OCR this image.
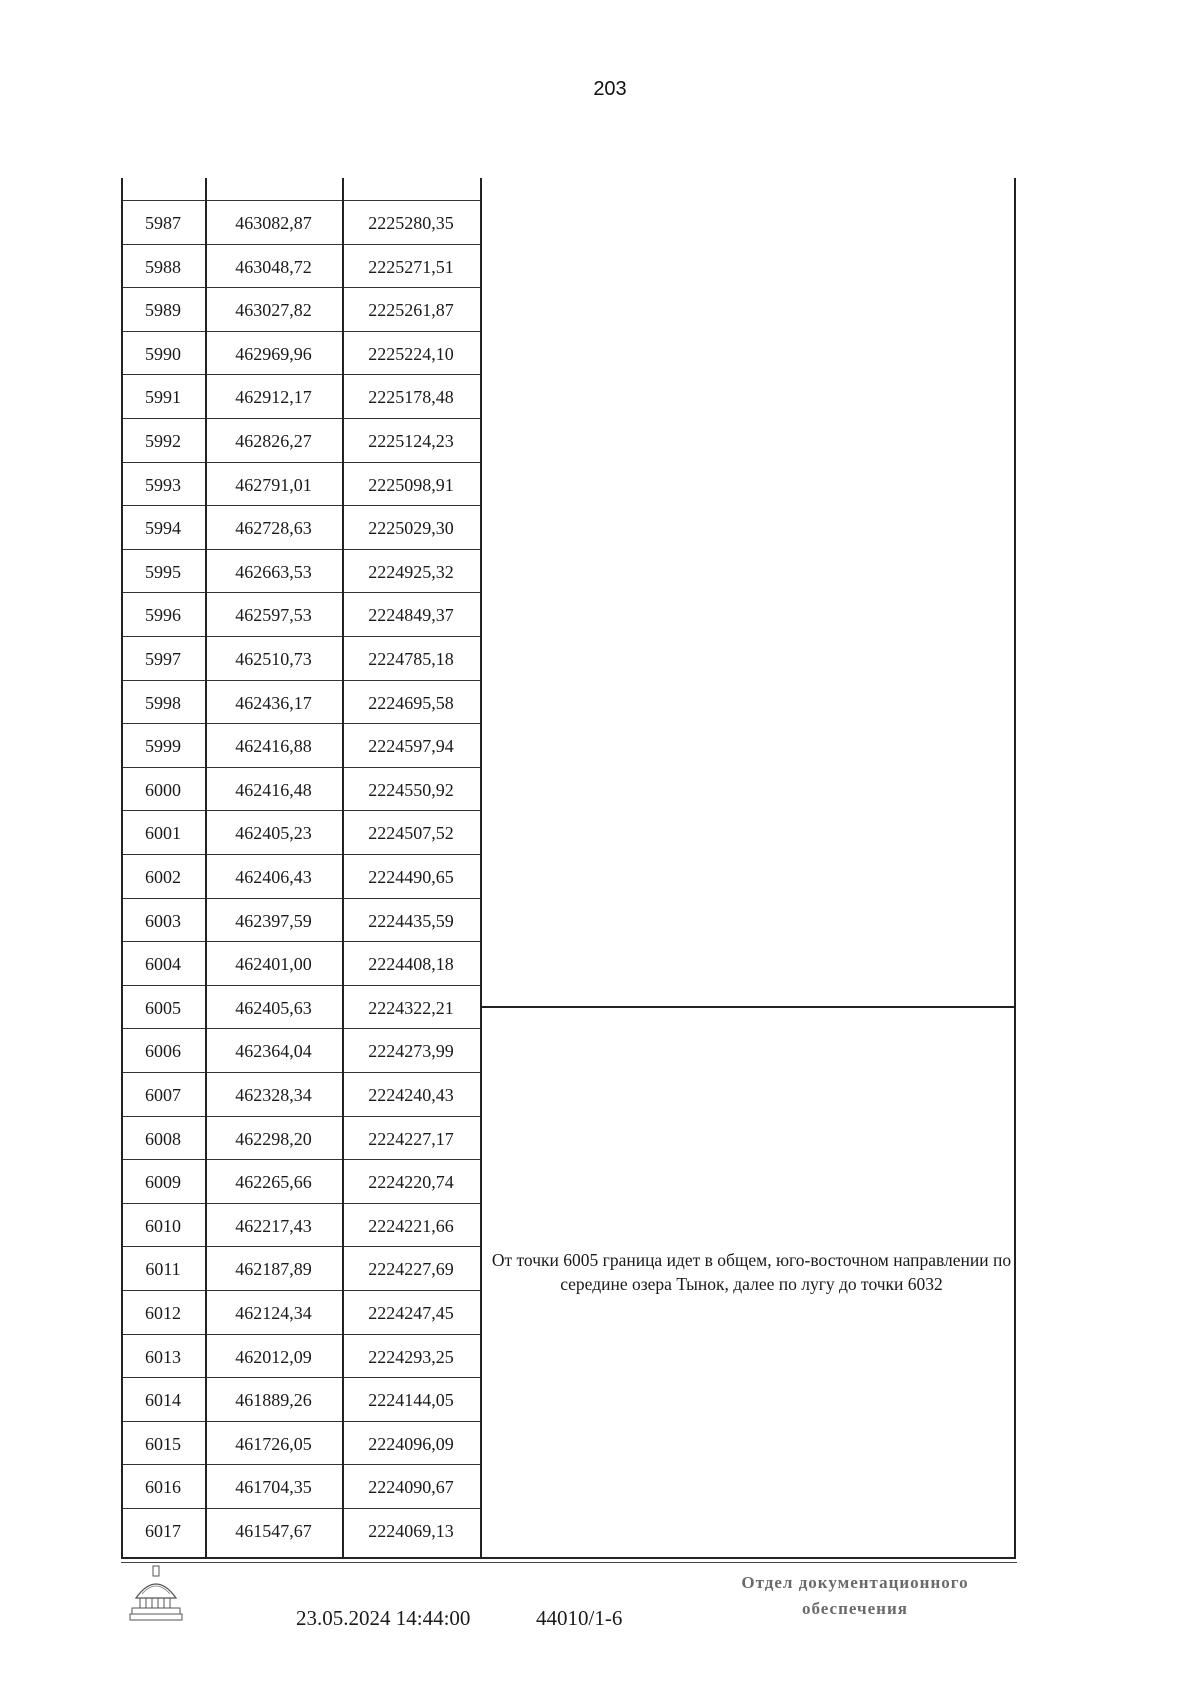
203
5987	463082,87	2225280,35
5988	463048,72	2225271,51
5989	463027,82	2225261,87
5990	462969,96	2225224,10
5991	462912,17	2225178,48
5992	462826,27	2225124,23
5993	462791,01	2225098,91
5994	462728,63	2225029,30
5995	462663,53	2224925,32
5996	462597,53	2224849,37
5997	462510,73	2224785,18
5998	462436,17	2224695,58
5999	462416,88	2224597,94
6000	462416,48	2224550,92
6001	462405,23	2224507,52
6002	462406,43	2224490,65
6003	462397,59	2224435,59
6004	462401,00	2224408,18
6005	462405,63	2224322,21
6006	462364,04	2224273,99
6007	462328,34	2224240,43
6008	462298,20	2224227,17
6009	462265,66	2224220,74
6010	462217,43	2224221,66
6011	462187,89	2224227,69
6012	462124,34	2224247,45
6013	462012,09	2224293,25
6014	461889,26	2224144,05
6015	461726,05	2224096,09
6016	461704,35	2224090,67
6017	461547,67	2224069,13
От точки 6005 граница идет в общем, юго-восточном направлении по середине озера Тынок, далее по лугу до точки 6032
23.05.2024 14:44:00	44010/1-6
Отдел документационного
обеспечения
